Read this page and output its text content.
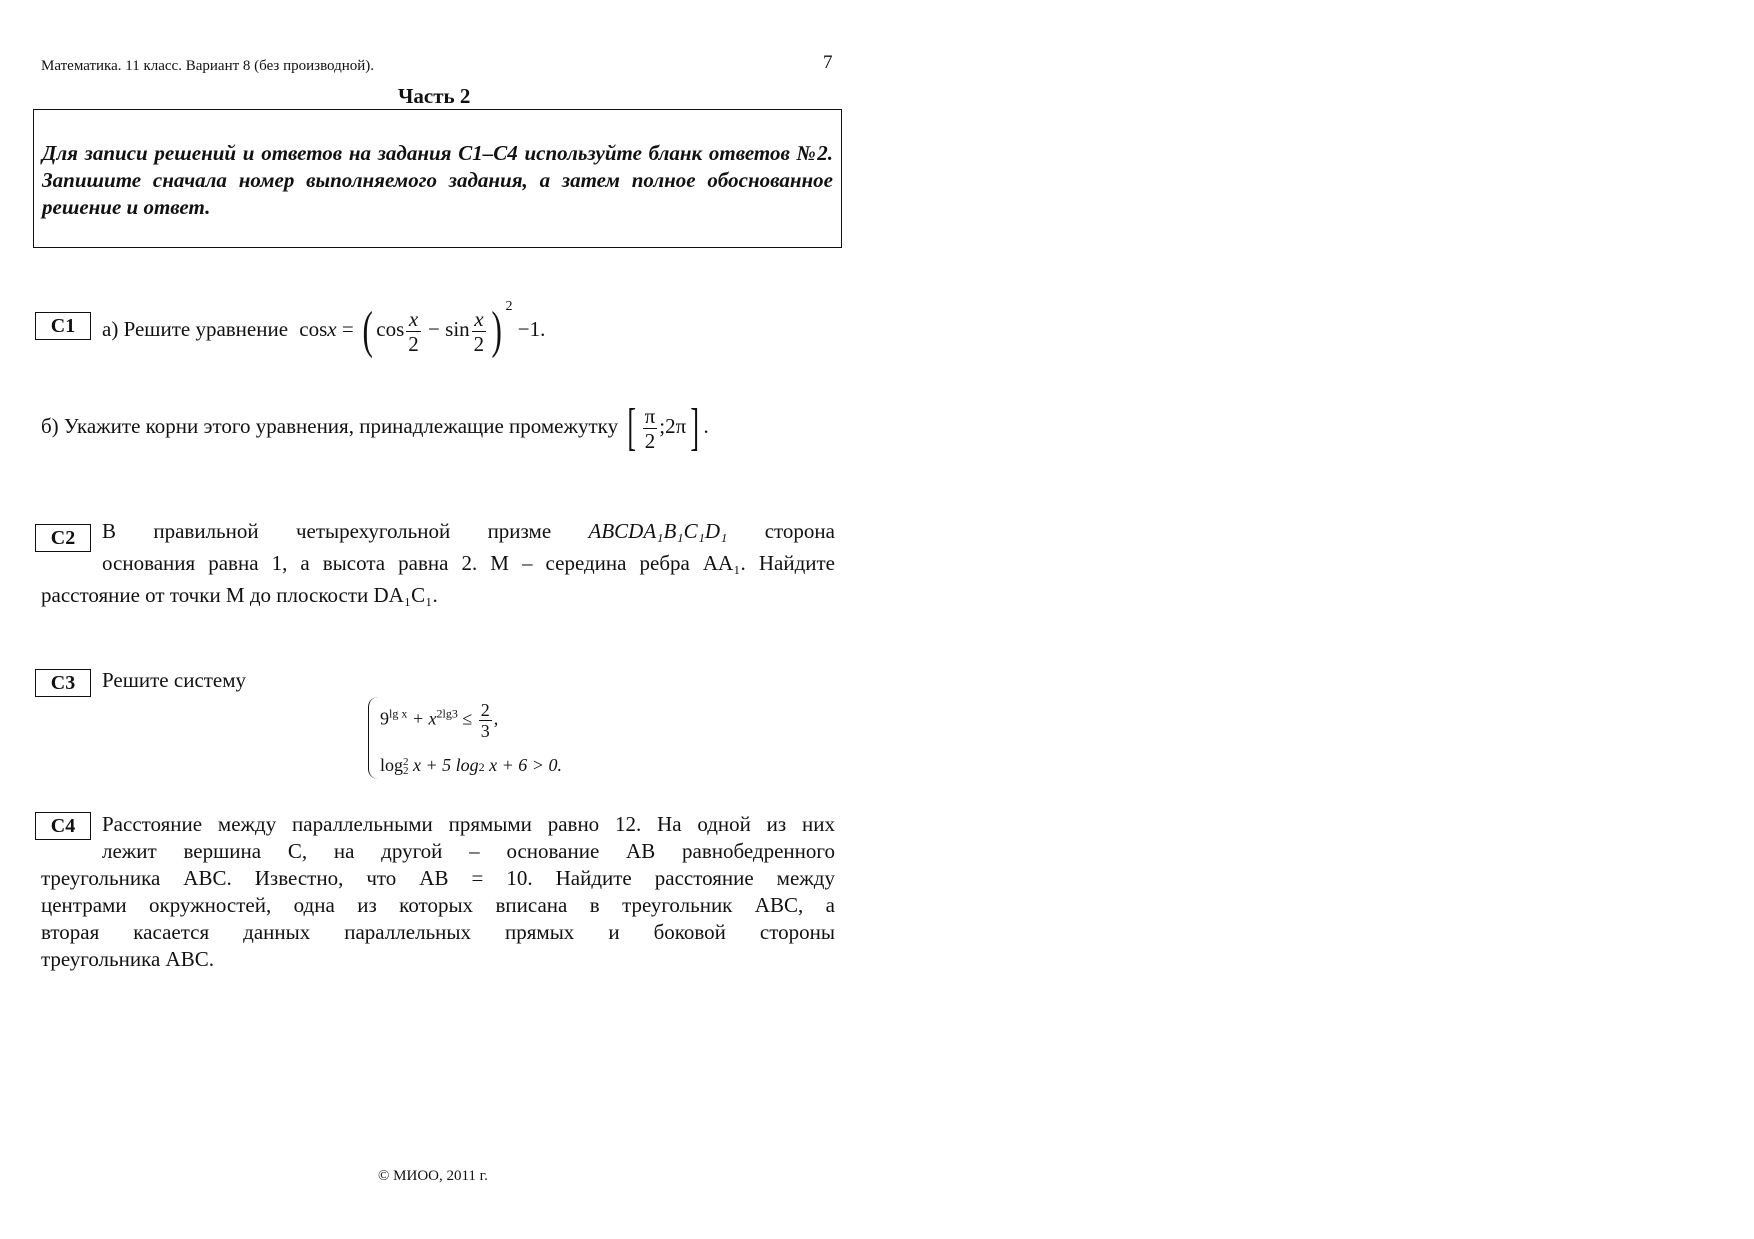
Математика. 11 класс. Вариант 8 (без производной).	7
Часть 2
Для записи решений и ответов на задания С1–С4 используйте бланк ответов №2. Запишите сначала номер выполняемого задания, а затем полное обоснованное решение и ответ.
C1	а) Решите уравнение cosx = ( $\cos \frac{x}{2} - \sin \frac{x}{2}$ ) $^2$ −1.
б) Укажите корни этого уравнения, принадлежащие промежутку [ $\frac{\pi}{2}$ ;2π] .
C2	В правильной четырехугольной призме ABCDA₁B₁C₁D₁ сторона
основания равна 1, а высота равна 2. M – середина ребра AA₁. Найдите
расстояние от точки M до плоскости DA₁C₁.
C3	Решите систему
$9^{lg x} + x^{2lg3} \le \frac{2}{3}$ ,
log 2
2 x + 5 log2 x + 6 > 0.
C4	Расстояние между параллельными прямыми равно 12. На одной из них
лежит вершина C, на другой – основание AB равнобедренного
треугольника ABC. Известно, что AB = 10. Найдите расстояние между
центрами окружностей, одна из которых вписана в треугольник ABC, а
вторая касается данных параллельных прямых и боковой стороны
треугольника ABC.
© МИОО, 2011 г.
